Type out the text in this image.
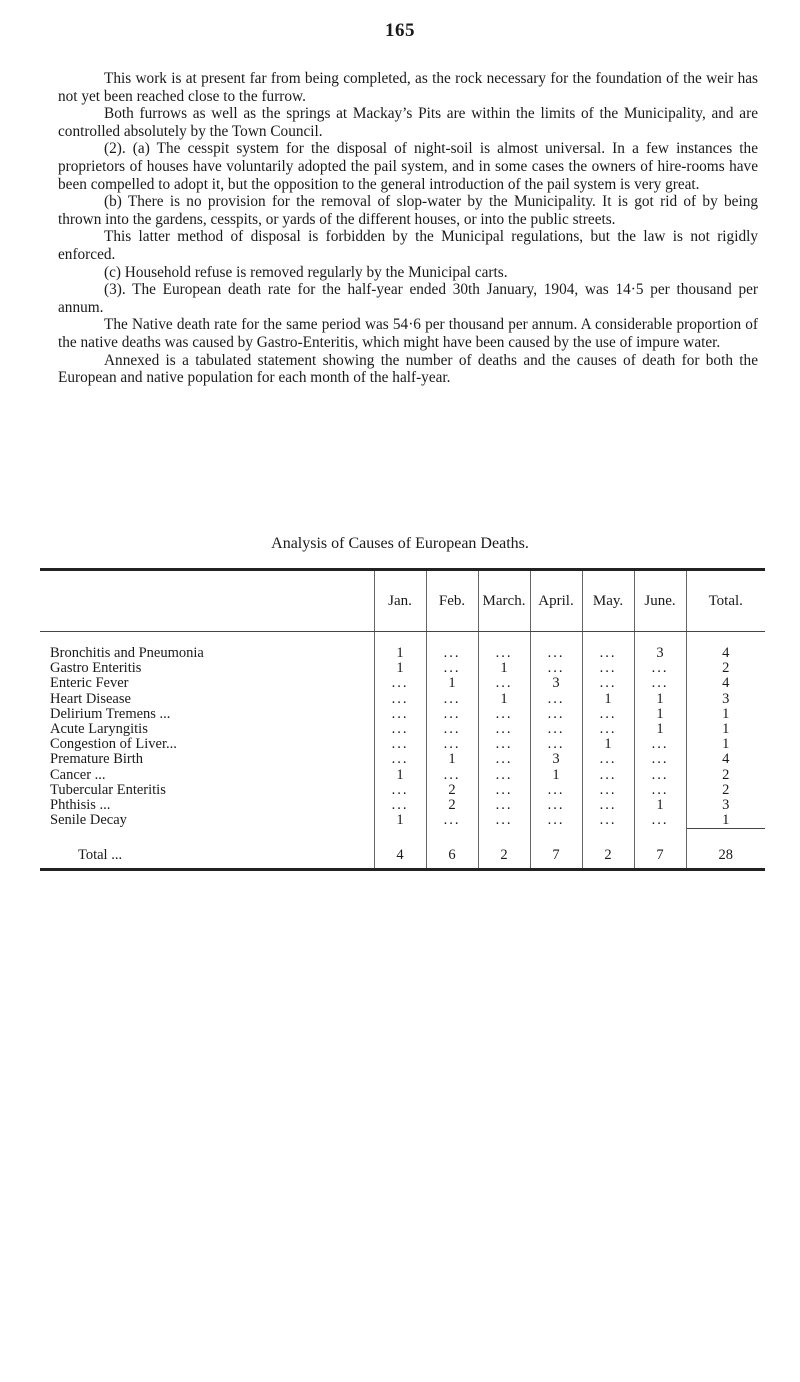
165

This work is at present far from being completed, as the rock necessary for the foundation of the weir has not yet been reached close to the furrow.

Both furrows as well as the springs at Mackay’s Pits are within the limits of the Municipality, and are controlled absolutely by the Town Council.

(2). (a) The cesspit system for the disposal of night-soil is almost universal. In a few instances the proprietors of houses have voluntarily adopted the pail system, and in some cases the owners of hire-rooms have been compelled to adopt it, but the opposition to the general introduction of the pail system is very great.

(b) There is no provision for the removal of slop-water by the Municipality. It is got rid of by being thrown into the gardens, cesspits, or yards of the different houses, or into the public streets.

This latter method of disposal is forbidden by the Municipal regulations, but the law is not rigidly enforced.

(c) Household refuse is removed regularly by the Municipal carts.

(3). The European death rate for the half-year ended 30th January, 1904, was 14·5 per thousand per annum.

The Native death rate for the same period was 54·6 per thousand per annum. A considerable proportion of the native deaths was caused by Gastro-Enteritis, which might have been caused by the use of impure water.

Annexed is a tabulated statement showing the number of deaths and the causes of death for both the European and native population for each month of the half-year.

Analysis of Causes of European Deaths.
	Jan.	Feb.	March.	April.	May.	June.	Total.
Bronchitis and Pneumonia	1	...	...	...	...	3	4
Gastro Enteritis	1	...	1	...	...	...	2
Enteric Fever	...	1	...	3	...	...	4
Heart Disease	...	...	1	...	1	1	3
Delirium Tremens ...	...	...	...	...	...	1	1
Acute Laryngitis	...	...	...	...	...	1	1
Congestion of Liver...	...	...	...	...	1	...	1
Premature Birth	...	1	...	3	...	...	4
Cancer ...	1	...	...	1	...	...	2
Tubercular Enteritis	...	2	...	...	...	...	2
Phthisis ...	...	2	...	...	...	1	3
Senile Decay	1	...	...	...	...	...	1
Total ...	4	6	2	7	2	7	28
